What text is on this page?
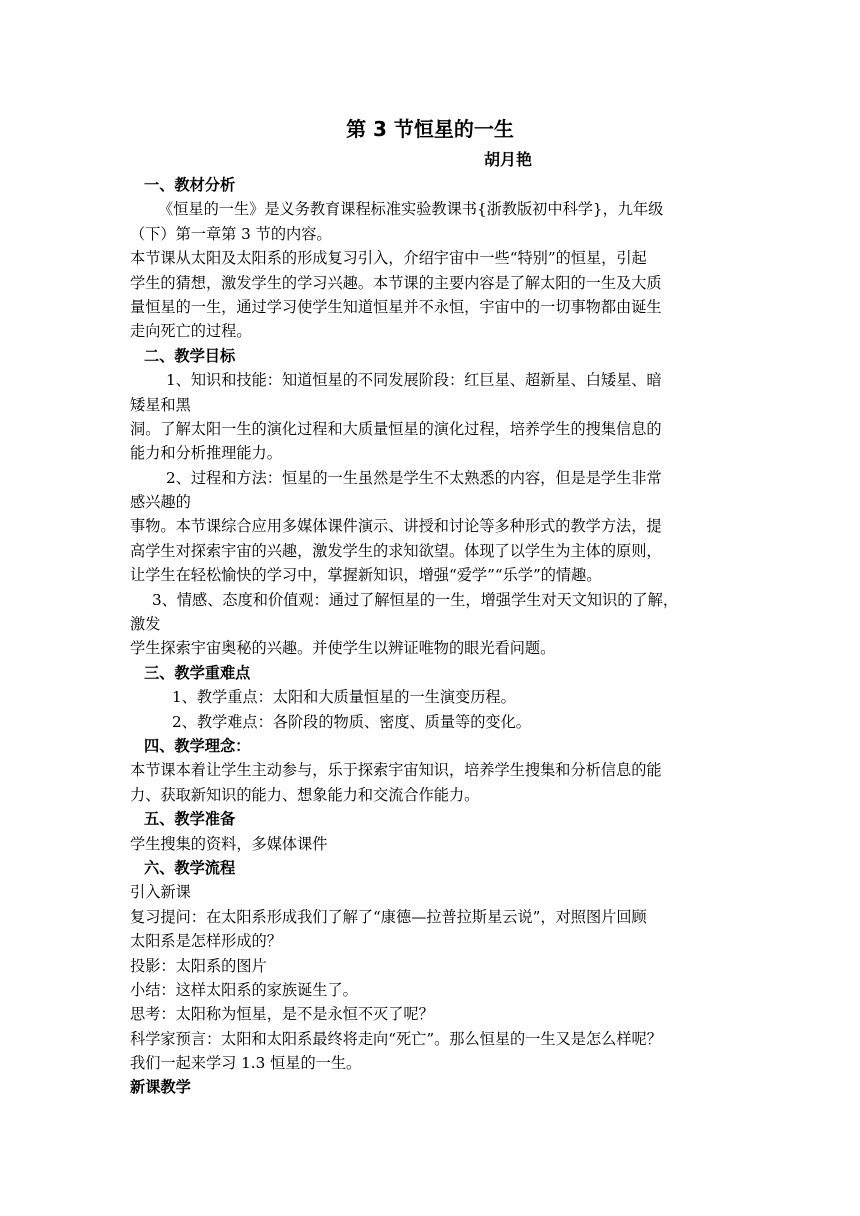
第 3 节恒星的一生
胡月艳
一、教材分析
《恒星的一生》是义务教育课程标准实验教课书{浙教版初中科学}，九年级
（下）第一章第 3 节的内容。
本节课从太阳及太阳系的形成复习引入，介绍宇宙中一些“特别”的恒星，引起
学生的猜想，激发学生的学习兴趣。本节课的主要内容是了解太阳的一生及大质
量恒星的一生，通过学习使学生知道恒星并不永恒，宇宙中的一切事物都由诞生
走向死亡的过程。
二、教学目标
1、知识和技能：知道恒星的不同发展阶段：红巨星、超新星、白矮星、暗
矮星和黑
洞。了解太阳一生的演化过程和大质量恒星的演化过程，培养学生的搜集信息的
能力和分析推理能力。
2、过程和方法：恒星的一生虽然是学生不太熟悉的内容，但是是学生非常
感兴趣的
事物。本节课综合应用多媒体课件演示、讲授和讨论等多种形式的教学方法，提
高学生对探索宇宙的兴趣，激发学生的求知欲望。体现了以学生为主体的原则，
让学生在轻松愉快的学习中，掌握新知识，增强“爱学”“乐学”的情趣。
3、情感、态度和价值观：通过了解恒星的一生，增强学生对天文知识的了解，
激发
学生探索宇宙奥秘的兴趣。并使学生以辨证唯物的眼光看问题。
三、教学重难点
1、教学重点：太阳和大质量恒星的一生演变历程。
2、教学难点：各阶段的物质、密度、质量等的变化。
四、教学理念：
本节课本着让学生主动参与，乐于探索宇宙知识，培养学生搜集和分析信息的能
力、获取新知识的能力、想象能力和交流合作能力。
五、教学准备
学生搜集的资料，多媒体课件
六、教学流程
引入新课
复习提问：在太阳系形成我们了解了“康德—拉普拉斯星云说”，对照图片回顾
太阳系是怎样形成的？
投影：太阳系的图片
小结：这样太阳系的家族诞生了。
思考：太阳称为恒星，是不是永恒不灭了呢？
科学家预言：太阳和太阳系最终将走向“死亡”。那么恒星的一生又是怎么样呢？
我们一起来学习 1.3 恒星的一生。
新课教学
